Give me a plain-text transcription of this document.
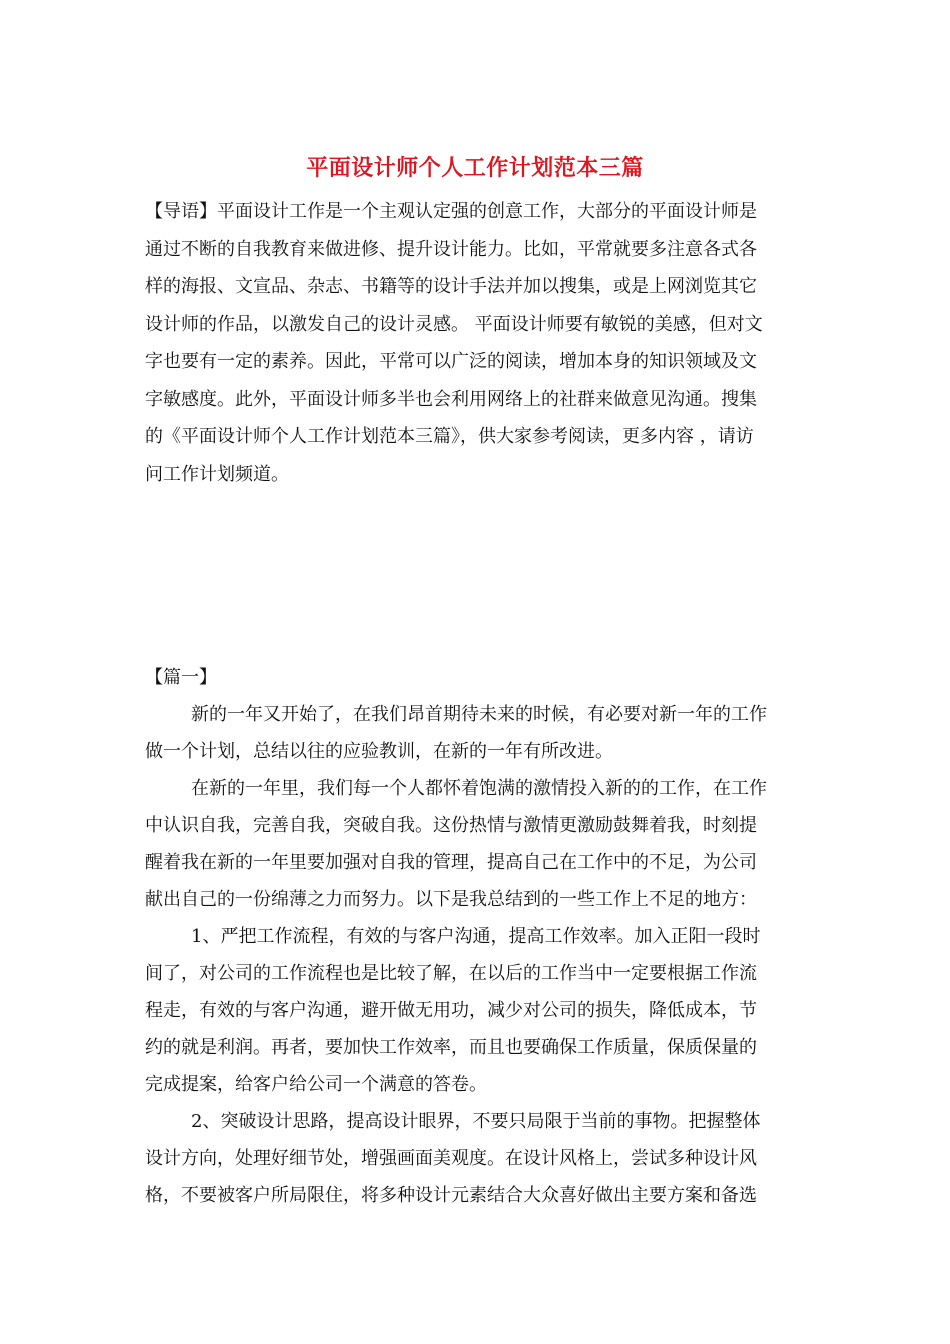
平面设计师个人工作计划范本三篇
【导语】平面设计工作是一个主观认定强的创意工作，大部分的平面设计师是
通过不断的自我教育来做进修、提升设计能力。比如，平常就要多注意各式各
样的海报、文宣品、杂志、书籍等的设计手法并加以搜集，或是上网浏览其它
设计师的作品，以激发自己的设计灵感。 平面设计师要有敏锐的美感，但对文
字也要有一定的素养。因此，平常可以广泛的阅读，增加本身的知识领域及文
字敏感度。此外，平面设计师多半也会利用网络上的社群来做意见沟通。搜集
的《平面设计师个人工作计划范本三篇》，供大家参考阅读，更多内容 ，请访
问工作计划频道。
【篇一】
新的一年又开始了，在我们昂首期待未来的时候，有必要对新一年的工作
做一个计划，总结以往的应验教训，在新的一年有所改进。
在新的一年里，我们每一个人都怀着饱满的激情投入新的的工作，在工作
中认识自我，完善自我，突破自我。这份热情与激情更激励鼓舞着我，时刻提
醒着我在新的一年里要加强对自我的管理，提高自己在工作中的不足，为公司
献出自己的一份绵薄之力而努力。以下是我总结到的一些工作上不足的地方：
1、严把工作流程，有效的与客户沟通，提高工作效率。加入正阳一段时
间了，对公司的工作流程也是比较了解，在以后的工作当中一定要根据工作流
程走，有效的与客户沟通，避开做无用功，减少对公司的损失，降低成本，节
约的就是利润。再者，要加快工作效率，而且也要确保工作质量，保质保量的
完成提案，给客户给公司一个满意的答卷。
2、突破设计思路，提高设计眼界，不要只局限于当前的事物。把握整体
设计方向，处理好细节处，增强画面美观度。在设计风格上，尝试多种设计风
格，不要被客户所局限住，将多种设计元素结合大众喜好做出主要方案和备选
